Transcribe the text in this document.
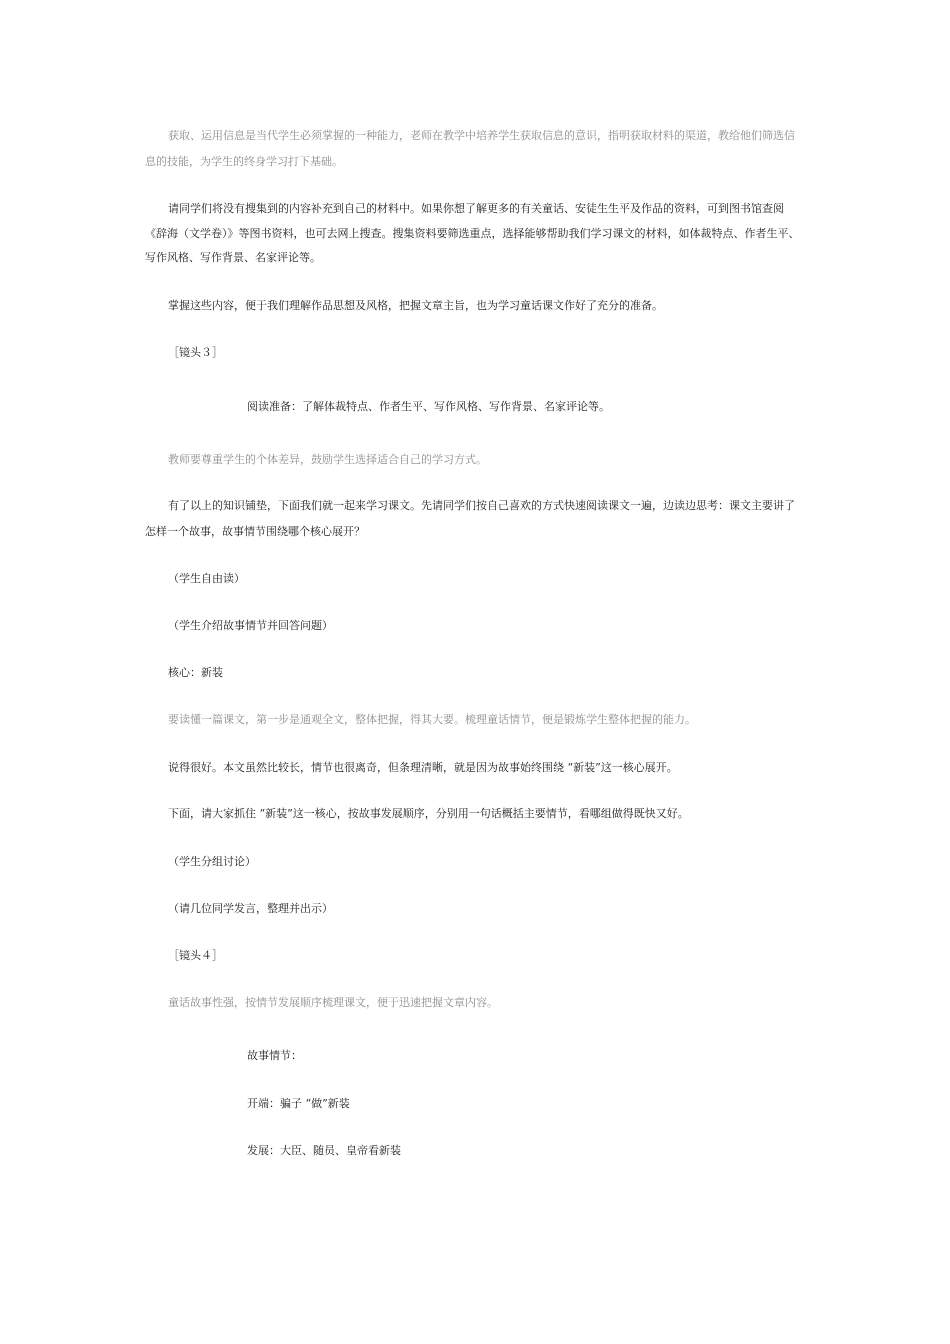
获取、运用信息是当代学生必须掌握的一种能力，老师在教学中培养学生获取信息的意识，指明获取材料的渠道，教给他们筛选信
息的技能，为学生的终身学习打下基础。
请同学们将没有搜集到的内容补充到自己的材料中。如果你想了解更多的有关童话、安徒生生平及作品的资料，可到图书馆查阅
《辞海（文学卷）》等图书资料，也可去网上搜查。搜集资料要筛选重点，选择能够帮助我们学习课文的材料，如体裁特点、作者生平、
写作风格、写作背景、名家评论等。
掌握这些内容，便于我们理解作品思想及风格，把握文章主旨，也为学习童话课文作好了充分的准备。
［镜头３］
阅读准备：了解体裁特点、作者生平、写作风格、写作背景、名家评论等。
教师要尊重学生的个体差异，鼓励学生选择适合自己的学习方式。
有了以上的知识铺垫，下面我们就一起来学习课文。先请同学们按自己喜欢的方式快速阅读课文一遍，边读边思考：课文主要讲了
怎样一个故事，故事情节围绕哪个核心展开？
（学生自由读）
（学生介绍故事情节并回答问题）
核心：新装
要读懂一篇课文，第一步是通观全文，整体把握，得其大要。梳理童话情节，便是锻炼学生整体把握的能力。
说得很好。本文虽然比较长，情节也很离奇，但条理清晰，就是因为故事始终围绕 “新装”这一核心展开。
下面，请大家抓住 “新装”这一核心，按故事发展顺序，分别用一句话概括主要情节，看哪组做得既快又好。
（学生分组讨论）
（请几位同学发言，整理并出示）
［镜头４］
童话故事性强，按情节发展顺序梳理课文，便于迅速把握文章内容。
故事情节：
开端：骗子 “做”新装
发展：大臣、随员、皇帝看新装
